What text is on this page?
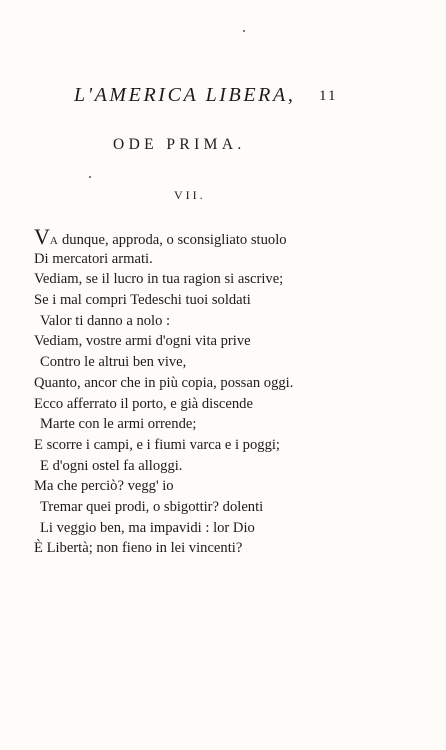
L'AMERICA LIBERA, 11
ODE PRIMA.
VII.
VA dunque, approda, o sconsigliato stuolo
Di mercatori armati.
Vediam, se il lucro in tua ragion si ascrive;
Se i mal compri Tedeschi tuoi soldati
Valor ti danno a nolo :
Vediam, vostre armi d'ogni vita prive
Contro le altrui ben vive,
Quanto, ancor che in più copia, possan oggi.
Ecco afferrato il porto, e già discende
Marte con le armi orrende;
E scorre i campi, e i fiumi varca e i poggi;
E d'ogni ostel fa alloggi.
Ma che perciò? vegg' io
Tremar quei prodi, o sbigottir? dolenti
Li veggio ben, ma impavidi : lor Dio
È Libertà; non fieno in lei vincenti?
